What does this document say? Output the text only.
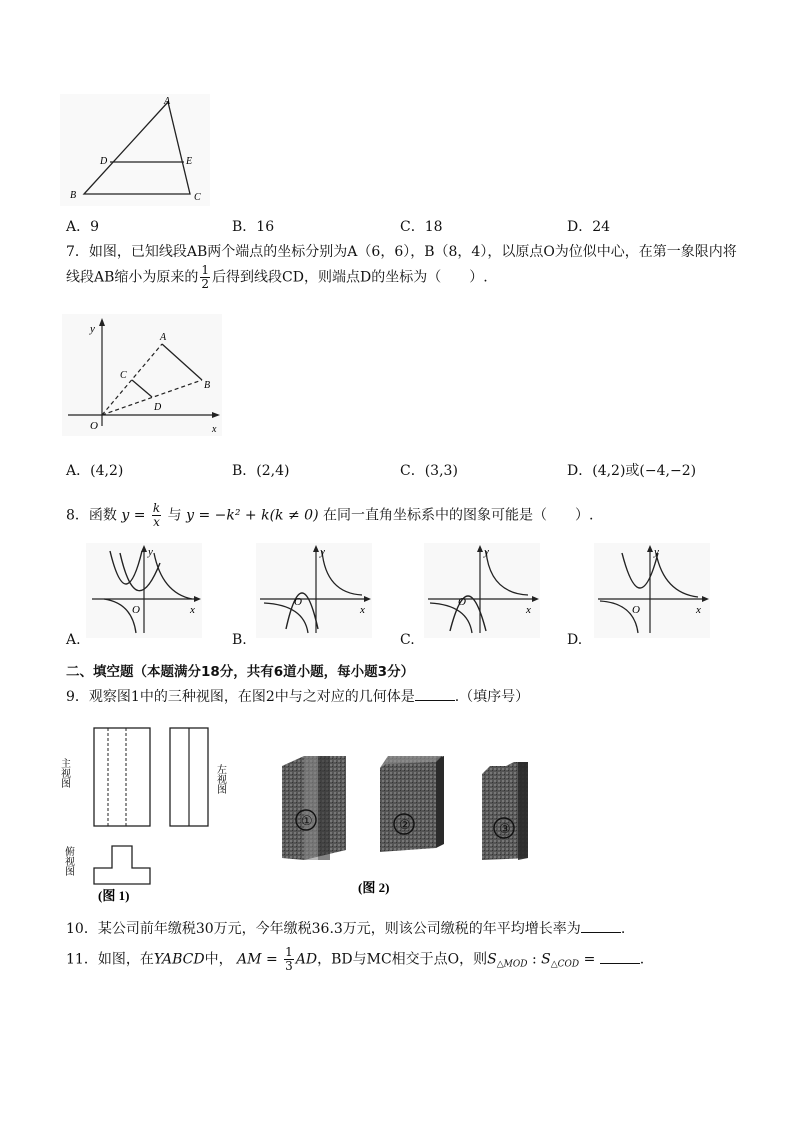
A
D	E
B	C
A．9	B．16	C．18	D．24
7．如图，已知线段AB两个端点的坐标分别为A（6，6），B（8，4），以原点O为位似中心，在第一象限内将
线段AB缩小为原来的 $\frac{1}{2}$ 后得到线段CD，则端点D的坐标为（　　）.
y
A
C
B
D
O	x
A．(4,2)	B．(2,4)	C．(3,3)	D．(4,2)或(−4,−2)
8．函数 $y = \frac{k}{x}$ 与 y = −k² + k(k ≠ 0) 在同一直角坐标系中的图象可能是（　　）.
y
O	x
y
O
x
y
O
x
y
O	x
A.	B.	C.	D.
二、填空题（本题满分18分，共有6道小题，每小题3分）
9．观察图1中的三种视图，在图2中与之对应的几何体是	.（填序号）
主视图	左视图
俯视图
(图 1)
①	②	③
(图 2)
10．某公司前年缴税30万元，今年缴税36.3万元，则该公司缴税的年平均增长率为	.
11．如图，在YABCD中， AM = $\frac{1}{3}$ AD，BD与MC相交于点O，则$S_{\triangle MOD}$ : $S_{\triangle COD}$ =	.
